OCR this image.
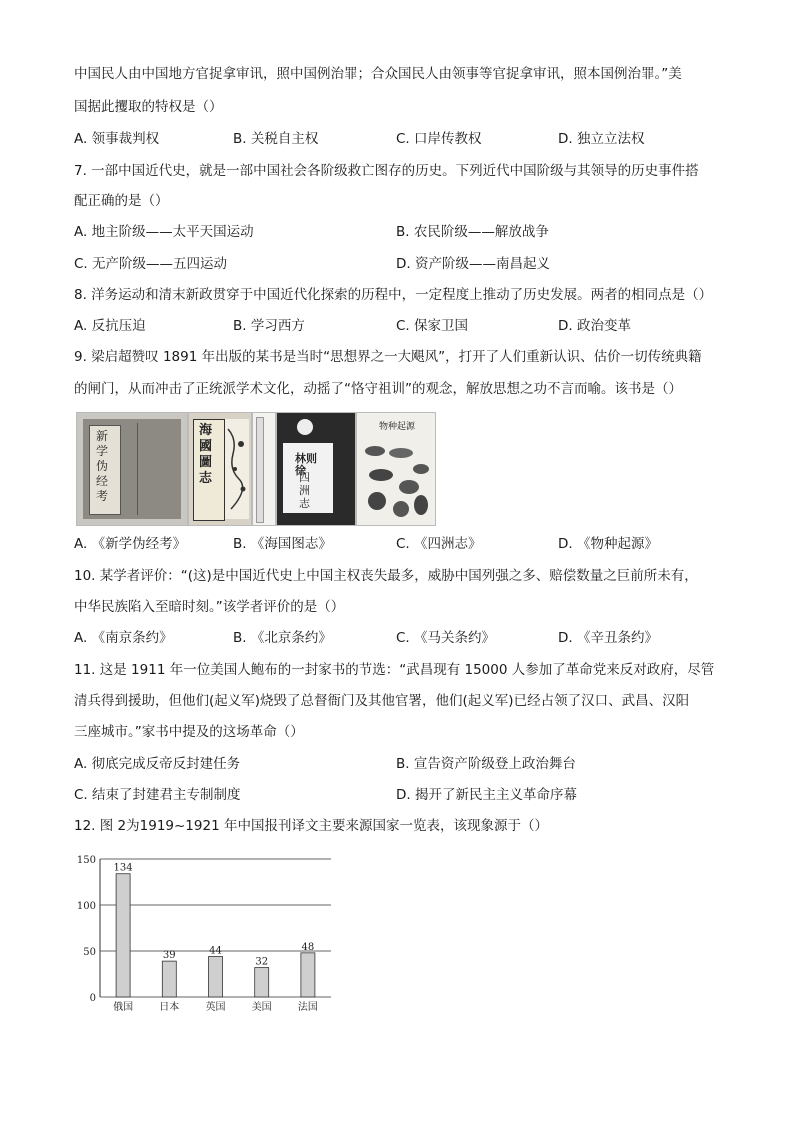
中国民人由中国地方官捉拿审讯，照中国例治罪；合众国民人由领事等官捉拿审讯，照本国例治罪。”美
国据此攫取的特权是（）
A. 领事裁判权	B. 关税自主权	C. 口岸传教权	D. 独立立法权
7. 一部中国近代史，就是一部中国社会各阶级救亡图存的历史。下列近代中国阶级与其领导的历史事件搭
配正确的是（）
A. 地主阶级——太平天国运动	B. 农民阶级——解放战争
C. 无产阶级——五四运动	D. 资产阶级——南昌起义
8. 洋务运动和清末新政贯穿于中国近代化探索的历程中，一定程度上推动了历史发展。两者的相同点是（）
A. 反抗压迫	B. 学习西方	C. 保家卫国	D. 政治变革
9. 梁启超赞叹 1891 年出版的某书是当时“思想界之一大飓风”，打开了人们重新认识、估价一切传统典籍
的闸门，从而冲击了正统派学术文化，动摇了“恪守祖训”的观念，解放思想之功不言而喻。该书是（）
新学伪经考
海國圖志
林则徐
四洲志
物种起源
A. 《新学伪经考》	B. 《海国图志》	C. 《四洲志》	D. 《物种起源》
10. 某学者评价：“(这)是中国近代史上中国主权丧失最多，威胁中国列强之多、赔偿数量之巨前所未有，
中华民族陷入至暗时刻。”该学者评价的是（）
A. 《南京条约》	B. 《北京条约》	C. 《马关条约》	D. 《辛丑条约》
11. 这是 1911 年一位美国人鲍布的一封家书的节选：“武昌现有 15000 人参加了革命党来反对政府，尽管
清兵得到援助，但他们(起义军)烧毁了总督衙门及其他官署，他们(起义军)已经占领了汉口、武昌、汉阳
三座城市。”家书中提及的这场革命（）
A. 彻底完成反帝反封建任务	B. 宣告资产阶级登上政治舞台
C. 结束了封建君主专制制度	D. 揭开了新民主主义革命序幕
12. 图 2为1919~1921 年中国报刊译文主要来源国家一览表，该现象源于（）
0
50
100
150
134
俄国
39
日本
44
英国
32
美国
48
法国
